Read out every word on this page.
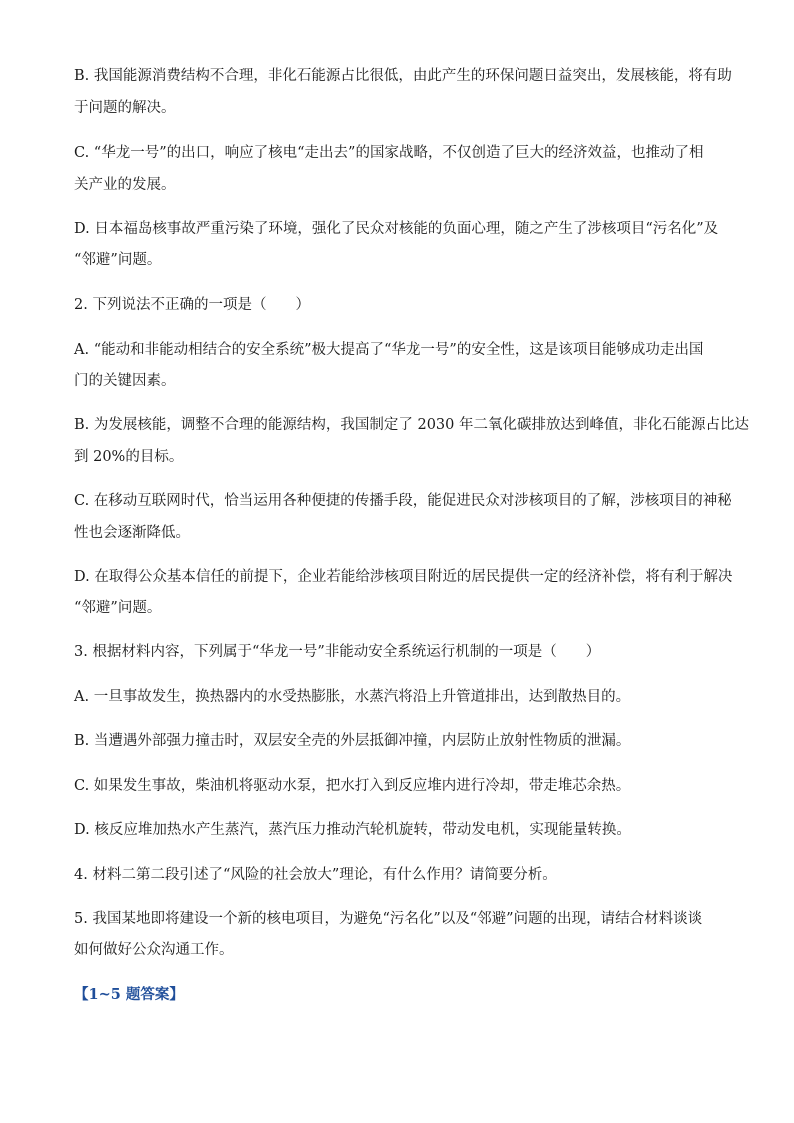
B. 我国能源消费结构不合理，非化石能源占比很低，由此产生的环保问题日益突出，发展核能，将有助
于问题的解决。
C. “华龙一号”的出口，响应了核电“走出去”的国家战略，不仅创造了巨大的经济效益，也推动了相
关产业的发展。
D. 日本福岛核事故严重污染了环境，强化了民众对核能的负面心理，随之产生了涉核项目“污名化”及
“邻避”问题。
2. 下列说法不正确的一项是（　　）
A. “能动和非能动相结合的安全系统”极大提高了“华龙一号”的安全性，这是该项目能够成功走出国
门的关键因素。
B. 为发展核能，调整不合理的能源结构，我国制定了 2030 年二氧化碳排放达到峰值，非化石能源占比达
到 20%的目标。
C. 在移动互联网时代，恰当运用各种便捷的传播手段，能促进民众对涉核项目的了解，涉核项目的神秘
性也会逐渐降低。
D. 在取得公众基本信任的前提下，企业若能给涉核项目附近的居民提供一定的经济补偿，将有利于解决
“邻避”问题。
3. 根据材料内容，下列属于“华龙一号”非能动安全系统运行机制的一项是（　　）
A. 一旦事故发生，换热器内的水受热膨胀，水蒸汽将沿上升管道排出，达到散热目的。
B. 当遭遇外部强力撞击时，双层安全壳的外层抵御冲撞，内层防止放射性物质的泄漏。
C. 如果发生事故，柴油机将驱动水泵，把水打入到反应堆内进行冷却，带走堆芯余热。
D. 核反应堆加热水产生蒸汽，蒸汽压力推动汽轮机旋转，带动发电机，实现能量转换。
4. 材料二第二段引述了“风险的社会放大”理论，有什么作用？请简要分析。
5. 我国某地即将建设一个新的核电项目，为避免“污名化”以及“邻避”问题的出现，请结合材料谈谈
如何做好公众沟通工作。
【1~5 题答案】
